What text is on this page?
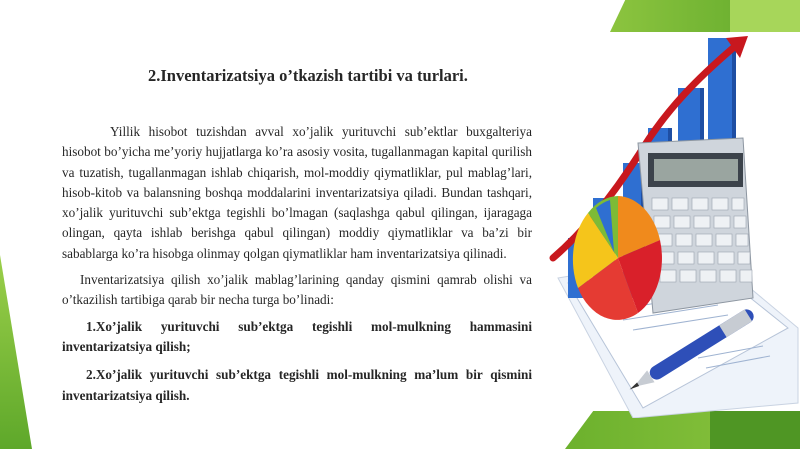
2.Inventarizatsiya o’tkazish tartibi va turlari.

Yillik hisobot tuzishdan avval xo’jalik yurituvchi sub’ektlar buxgalteriya hisobot bo’yicha me’yoriy hujjatlarga ko’ra asosiy vosita, tugallanmagan kapital qurilish va tuzatish, tugallanmagan ishlab chiqarish, mol-moddiy qiymatliklar, pul mablag’lari, hisob-kitob va balansning boshqa moddalarini inventarizatsiya qiladi. Bundan tashqari, xo’jalik yurituvchi sub’ektga tegishli bo’lmagan (saqlashga qabul qilingan, ijaragaga olingan, qayta ishlab berishga qabul qilingan) moddiy qiymatliklar va ba’zi bir sabablarga ko’ra hisobga olinmay qolgan qiymatliklar ham inventarizatsiya qilinadi.

Inventarizatsiya qilish xo’jalik mablag’larining qanday qismini qamrab olishi va o’tkazilish tartibiga qarab bir necha turga bo’linadi:

1.Xo’jalik yurituvchi sub’ektga tegishli mol-mulkning hammasini inventarizatsiya qilish;

2.Xo’jalik yurituvchi sub’ektga tegishli mol-mulkning ma’lum bir qismini inventarizatsiya qilish.
